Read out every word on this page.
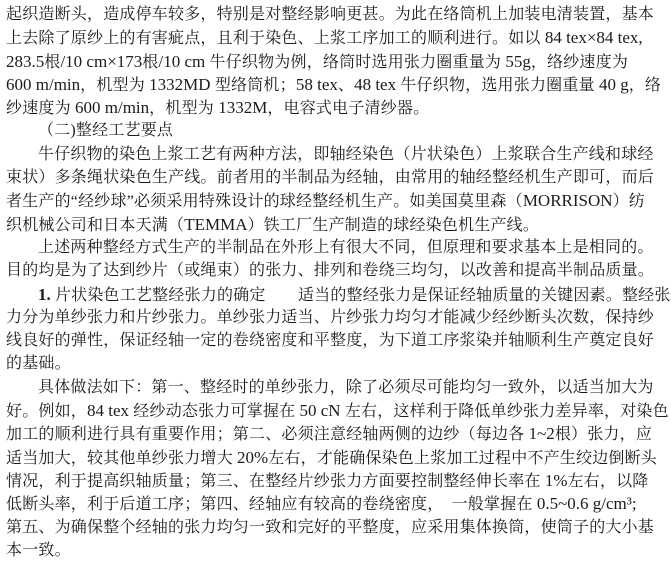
起织造断头，造成停车较多，特别是对整经影响更甚。为此在络筒机上加装电清装置，基本
上去除了原纱上的有害疵点，且利于染色、上浆工序加工的顺利进行。如以 84 tex×84 tex,
283.5根/10 cm×173根/10 cm 牛仔织物为例，络筒时选用张力圈重量为 55g，络纱速度为
600 m/min，机型为 1332MD 型络筒机；58 tex、48 tex 牛仔织物，选用张力圈重量 40 g，络
纱速度为 600 m/min，机型为 1332M，电容式电子清纱器。
（二)整经工艺要点
牛仔织物的染色上浆工艺有两种方法，即轴经染色（片状染色）上浆联合生产线和球经
束状）多条绳状染色生产线。前者用的半制品为经轴，由常用的轴经整经机生产即可，而后
者生产的“经纱球”必须采用特殊设计的球经整经机生产。如美国莫里森（MORRISON）纺
织机械公司和日本天满（TEMMA）铁工厂生产制造的球经染色机生产线。
上述两种整经方式生产的半制品在外形上有很大不同，但原理和要求基本上是相同的。
目的均是为了达到纱片（或绳束）的张力、排列和卷绕三均匀，以改善和提高半制品质量。
1. 片状染色工艺整经张力的确定　　适当的整经张力是保证经轴质量的关键因素。整经张
力分为单纱张力和片纱张力。单纱张力适当、片纱张力均匀才能减少经纱断头次数，保持纱
线良好的弹性，保证经轴一定的卷绕密度和平整度，为下道工序浆染并轴顺利生产奠定良好
的基础。
具体做法如下：第一、整经时的单纱张力，除了必须尽可能均匀一致外，以适当加大为
好。例如，84 tex 经纱动态张力可掌握在 50 cN 左右，这样利于降低单纱张力差异率，对染色
加工的顺利进行具有重要作用；第二、必须注意经轴两侧的边纱（每边各 1~2根）张力，应
适当加大，较其他单纱张力增大 20%左右，才能确保染色上浆加工过程中不产生绞边倒断头
情况，利于提高织轴质量；第三、在整经片纱张力方面要控制整经伸长率在 1%左右，以降
低断头率，利于后道工序；第四、经轴应有较高的卷绕密度，　一般掌握在 0.5~0.6 g/cm³;
第五、为确保整个经轴的张力均匀一致和完好的平整度，应采用集体换筒，使筒子的大小基
本一致。
